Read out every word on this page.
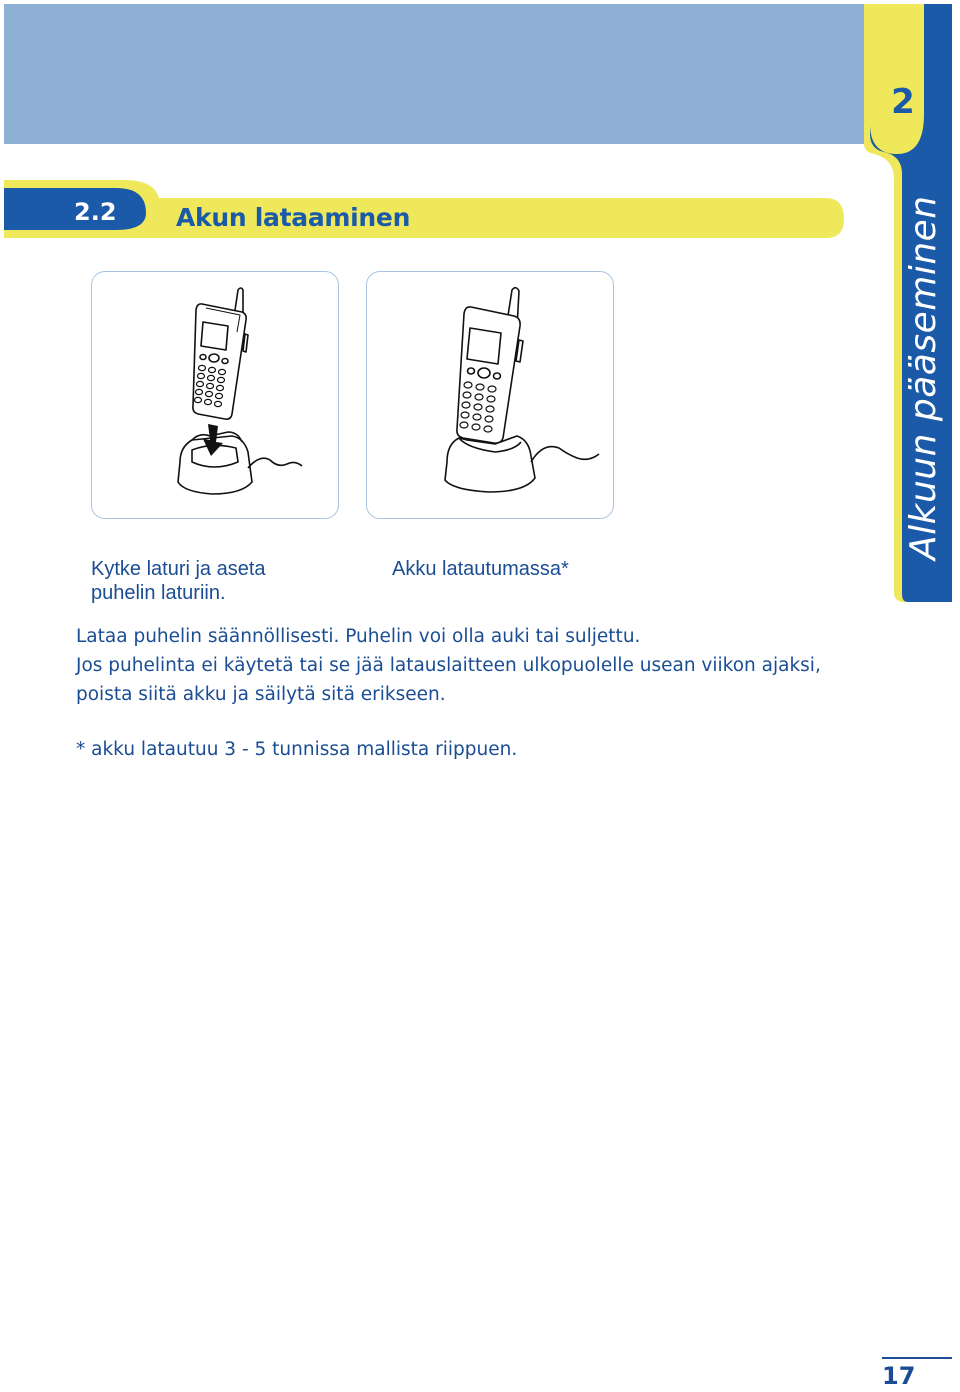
2
Alkuun pääseminen
2.2 Akun lataaminen
Kytke laturi ja aseta
puhelin laturiin.
Akku latautumassa*
Lataa puhelin säännöllisesti. Puhelin voi olla auki tai suljettu.
Jos puhelinta ei käytetä tai se jää latauslaitteen ulkopuolelle usean viikon ajaksi,
poista siitä akku ja säilytä sitä erikseen.
* akku latautuu 3 - 5 tunnissa mallista riippuen.
17
